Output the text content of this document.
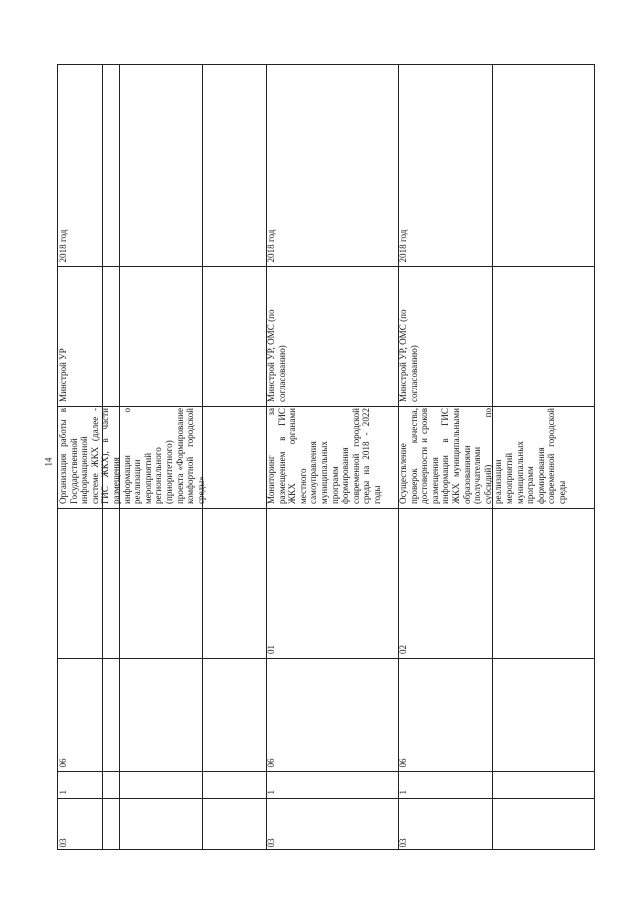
14
03
1
06
Организация работы в Государственной информационной системе ЖКХ (далее - ГИС ЖКХ), в части размещения информации о реализации мероприятий регионального (приоритетного) проекта «Формирование комфортной городской среды»
Минстрой УР
2018 год
03
1
06
01
Мониторинг за размещением в ГИС ЖКХ органами местного самоуправления муниципальных программ формирования современной городской среды на 2018 - 2022 годы
Минстрой УР, ОМС (по согласованию)
2018 год
03
1
06
02
Осуществление проверок качества, достоверности и сроков размещения информации в ГИС ЖКХ муниципальными образованиями (получателями субсидий) по реализации мероприятий муниципальных программ формирования современной городской среды
Минстрой УР, ОМС (по согласованию)
2018 год
